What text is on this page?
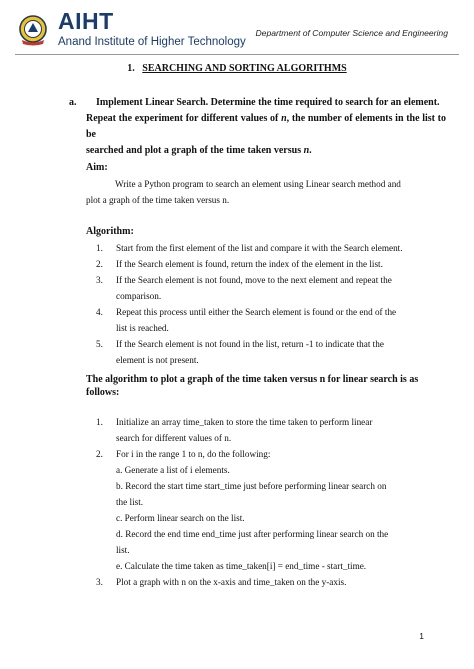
AIHT
Anand Institute of Higher Technology
Department of Computer Science and Engineering
1. SEARCHING AND SORTING ALGORITHMS
a. Implement Linear Search. Determine the time required to search for an element.
Repeat the experiment for different values of n, the number of elements in the list to be
searched and plot a graph of the time taken versus n.
Aim:
Write a Python program to search an element using Linear search method and
plot a graph of the time taken versus n.
Algorithm:
1.	Start from the first element of the list and compare it with the Search element.
2.	If the Search element is found, return the index of the element in the list.
3.	If the Search element is not found, move to the next element and repeat the
comparison.
4.	Repeat this process until either the Search element is found or the end of the
list is reached.
5.	If the Search element is not found in the list, return -1 to indicate that the
element is not present.
The algorithm to plot a graph of the time taken versus n for linear search is as
follows:
1.	Initialize an array time_taken to store the time taken to perform linear
search for different values of n.
2.	For i in the range 1 to n, do the following:
a. Generate a list of i elements.
b. Record the start time start_time just before performing linear search on
the list.
c. Perform linear search on the list.
d. Record the end time end_time just after performing linear search on the
list.
e. Calculate the time taken as time_taken[i] = end_time - start_time.
3.	Plot a graph with n on the x-axis and time_taken on the y-axis.
1
